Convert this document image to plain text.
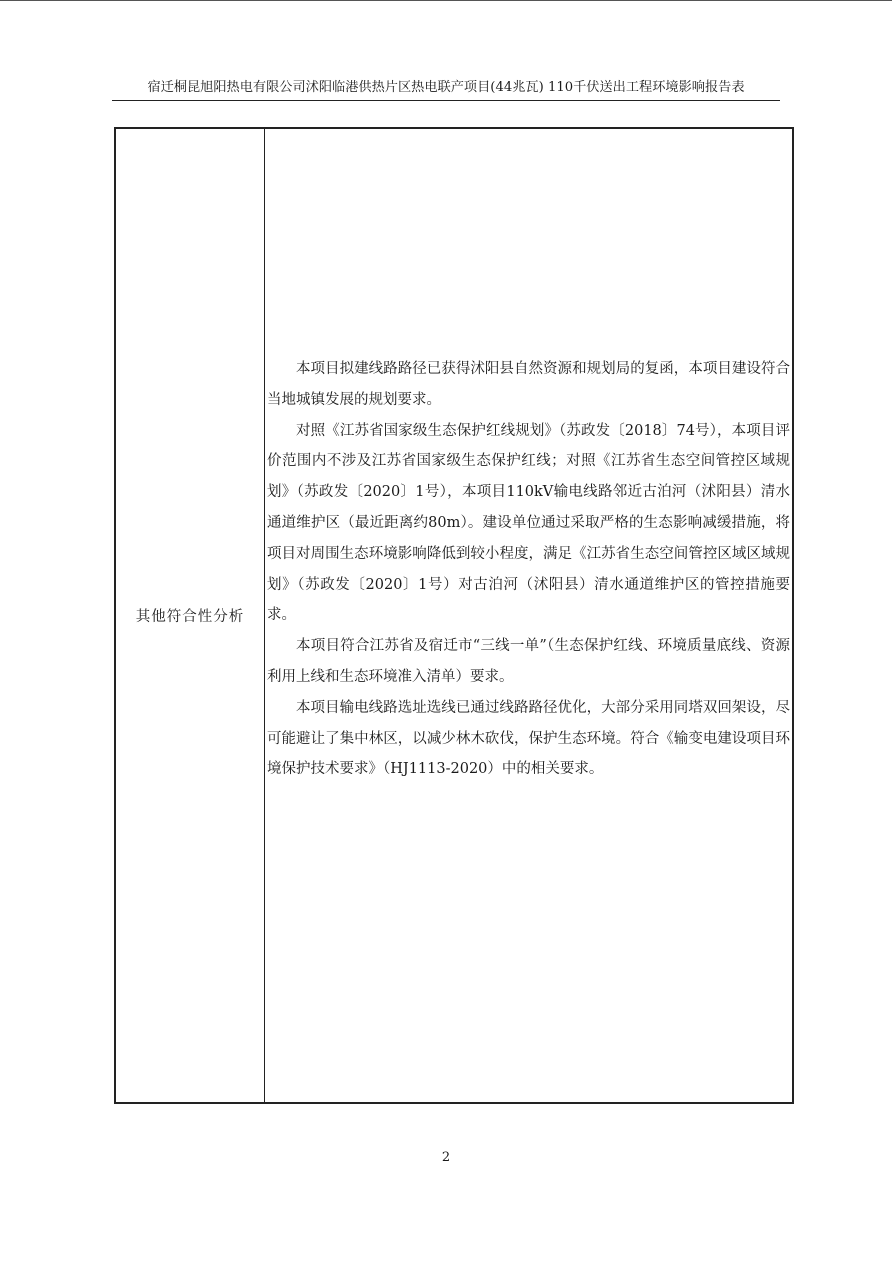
宿迁桐昆旭阳热电有限公司沭阳临港供热片区热电联产项目(44兆瓦) 110千伏送出工程环境影响报告表
其他符合性分析

本项目拟建线路路径已获得沭阳县自然资源和规划局的复函，本项目建设符合当地城镇发展的规划要求。

对照《江苏省国家级生态保护红线规划》（苏政发〔2018〕74号），本项目评价范围内不涉及江苏省国家级生态保护红线；对照《江苏省生态空间管控区域规划》（苏政发〔2020〕1号），本项目110kV输电线路邻近古泊河（沭阳县）清水通道维护区（最近距离约80m）。建设单位通过采取严格的生态影响减缓措施，将项目对周围生态环境影响降低到较小程度，满足《江苏省生态空间管控区域区域规划》（苏政发〔2020〕1号）对古泊河（沭阳县）清水通道维护区的管控措施要求。

本项目符合江苏省及宿迁市“三线一单”（生态保护红线、环境质量底线、资源利用上线和生态环境准入清单）要求。

本项目输电线路选址选线已通过线路路径优化，大部分采用同塔双回架设，尽可能避让了集中林区，以减少林木砍伐，保护生态环境。符合《输变电建设项目环境保护技术要求》（HJ1113-2020）中的相关要求。

2
